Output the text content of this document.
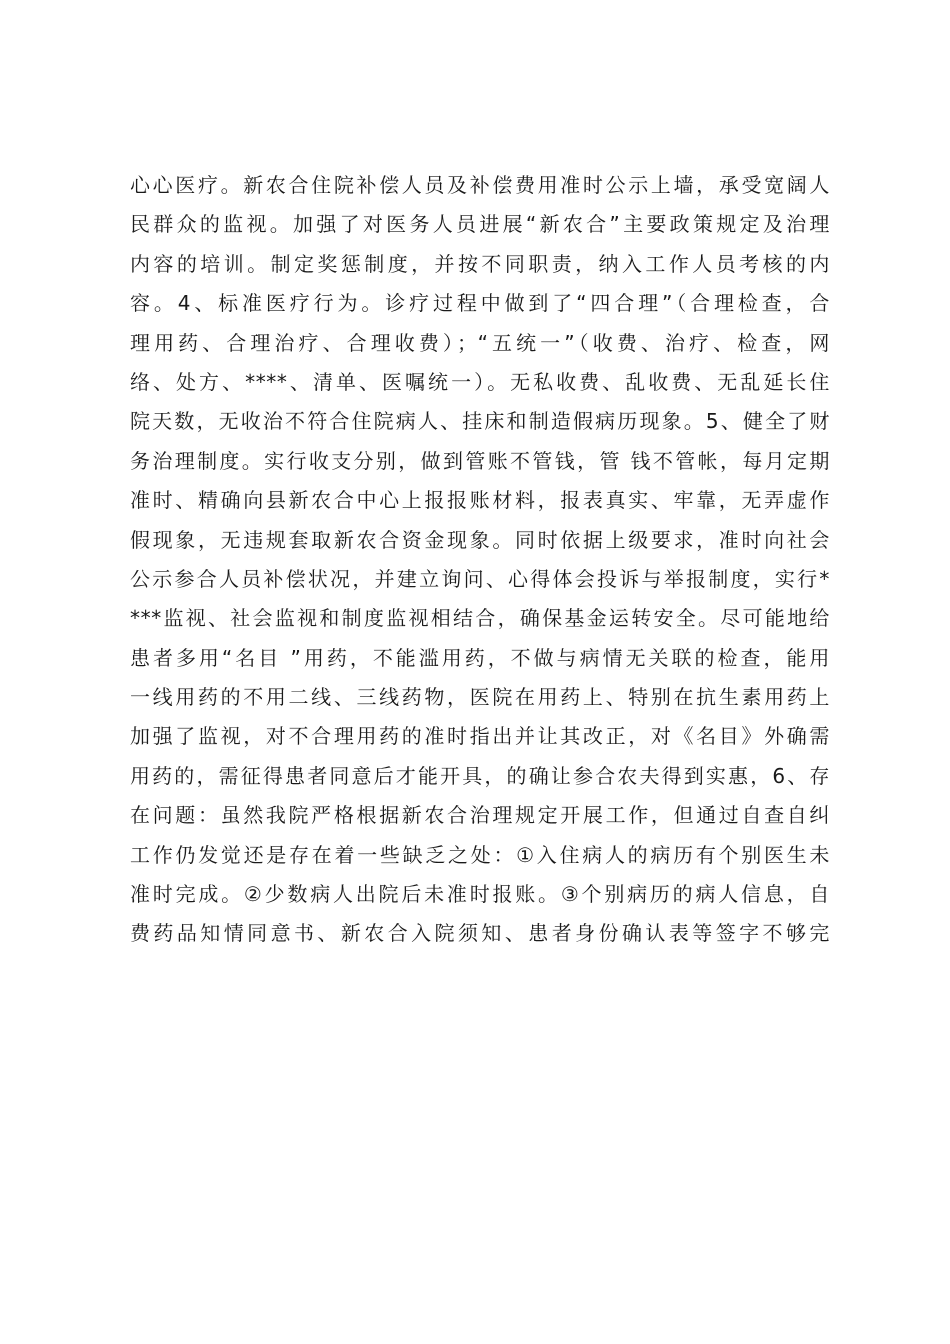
心心医疗。新农合住院补偿人员及补偿费用准时公示上墙，承受宽阔人
民群众的监视。加强了对医务人员进展“新农合”主要政策规定及治理
内容的培训。制定奖惩制度，并按不同职责，纳入工作人员考核的内
容。4、标准医疗行为。诊疗过程中做到了“四合理”（合理检查，合
理用药、合理治疗、合理收费）；“五统一”（收费、治疗、检查，网
络、处方、****、清单、医嘱统一）。无私收费、乱收费、无乱延长住
院天数，无收治不符合住院病人、挂床和制造假病历现象。5、健全了财
务治理制度。实行收支分别，做到管账不管钱，管 钱不管帐，每月定期
准时、精确向县新农合中心上报报账材料，报表真实、牢靠，无弄虚作
假现象，无违规套取新农合资金现象。同时依据上级要求，准时向社会
公示参合人员补偿状况，并建立询问、心得体会投诉与举报制度，实行*
***监视、社会监视和制度监视相结合，确保基金运转安全。尽可能地给
患者多用“名目 ”用药，不能滥用药，不做与病情无关联的检查，能用
一线用药的不用二线、三线药物，医院在用药上、特别在抗生素用药上
加强了监视，对不合理用药的准时指出并让其改正，对《名目》外确需
用药的，需征得患者同意后才能开具，的确让参合农夫得到实惠，6、存
在问题：虽然我院严格根据新农合治理规定开展工作，但通过自查自纠
工作仍发觉还是存在着一些缺乏之处：①入住病人的病历有个别医生未
准时完成。②少数病人出院后未准时报账。③个别病历的病人信息，自
费药品知情同意书、新农合入院须知、患者身份确认表等签字不够完
